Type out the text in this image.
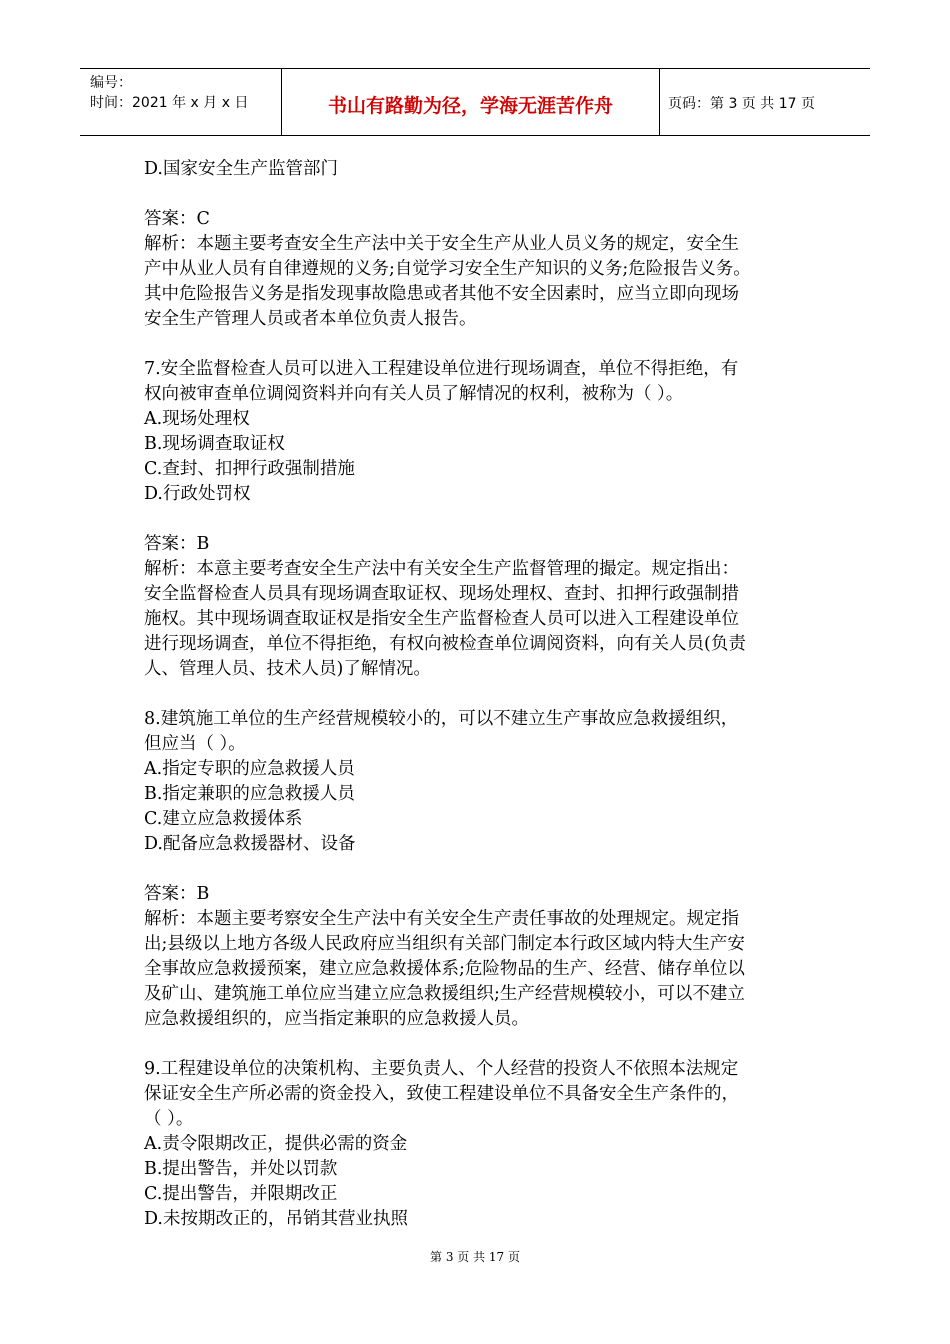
编号：
时间：2021 年 x 月 x 日	书山有路勤为径，学海无涯苦作舟	页码：第 3 页 共 17 页
D.国家安全生产监管部门
答案：C
解析：本题主要考查安全生产法中关于安全生产从业人员义务的规定，安全生
产中从业人员有自律遵规的义务;自觉学习安全生产知识的义务;危险报告义务。
其中危险报告义务是指发现事故隐患或者其他不安全因素时，应当立即向现场
安全生产管理人员或者本单位负责人报告。
7.安全监督检查人员可以进入工程建设单位进行现场调查，单位不得拒绝，有
权向被审查单位调阅资料并向有关人员了解情况的权利，被称为（ ）。
A.现场处理权
B.现场调查取证权
C.查封、扣押行政强制措施
D.行政处罚权
答案：B
解析：本意主要考查安全生产法中有关安全生产监督管理的撮定。规定指出：
安全监督检查人员具有现场调查取证权、现场处理权、查封、扣押行政强制措
施权。其中现场调查取证权是指安全生产监督检查人员可以进入工程建设单位
进行现场调查，单位不得拒绝，有权向被检查单位调阅资料，向有关人员(负责
人、管理人员、技术人员)了解情况。
8.建筑施工单位的生产经营规模较小的，可以不建立生产事故应急救援组织，
但应当（ ）。
A.指定专职的应急救援人员
B.指定兼职的应急救援人员
C.建立应急救援体系
D.配备应急救援器材、设备
答案：B
解析：本题主要考察安全生产法中有关安全生产责任事故的处理规定。规定指
出;县级以上地方各级人民政府应当组织有关部门制定本行政区域内特大生产安
全事故应急救援预案，建立应急救援体系;危险物品的生产、经营、储存单位以
及矿山、建筑施工单位应当建立应急救援组织;生产经营规模较小，可以不建立
应急救援组织的，应当指定兼职的应急救援人员。
9.工程建设单位的决策机构、主要负责人、个人经营的投资人不依照本法规定
保证安全生产所必需的资金投入，致使工程建设单位不具备安全生产条件的，
（ ）。
A.责令限期改正，提供必需的资金
B.提出警告，并处以罚款
C.提出警告，并限期改正
D.未按期改正的，吊销其营业执照
第 3 页 共 17 页
